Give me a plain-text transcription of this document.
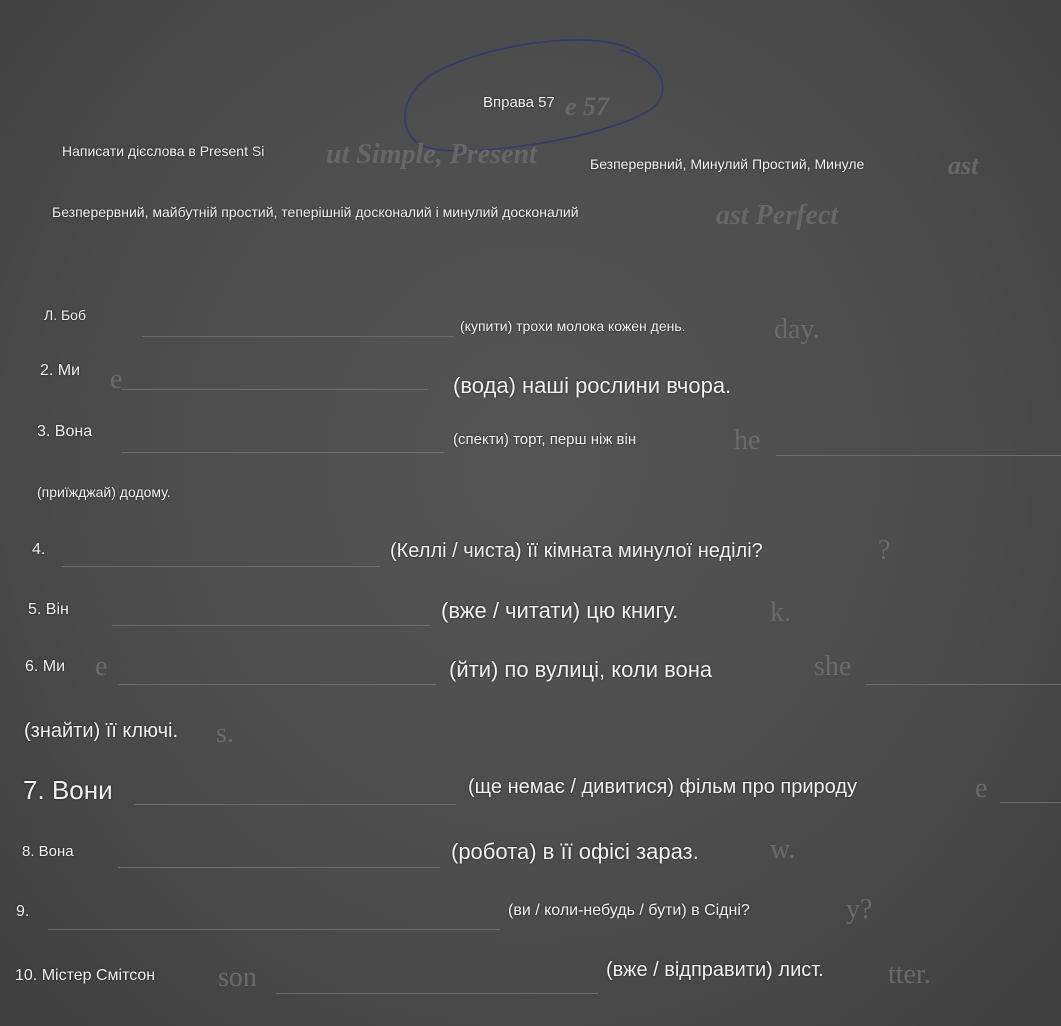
e 57
ut Simple, Present	ast
ast Perfect
day.
e
he
?
k.
e	she
s.
e
w.
y?
son	tter.
Вправа 57
Написати дієслова в Present Si
Безперервний, Минулий Простий, Минуле
Безперервний, майбутній простий, теперішній досконалий і минулий досконалий
Л. Боб
(купити) трохи молока кожен день.
2. Ми
(вода) наші рослини вчора.
3. Вона	(спекти) торт, перш ніж він
(приїжджай) додому.
4.	(Келлі / чиста) її кімната минулої неділі?
5. Він	(вже / читати) цю книгу.
6. Ми	(йти) по вулиці, коли вона
(знайти) її ключі.
7. Вони	(ще немає / дивитися) фільм про природу
8. Вона	(робота) в її офісі зараз.
9.	(ви / коли-небудь / бути) в Сідні?
10. Містер Смітсон	(вже / відправити) лист.
